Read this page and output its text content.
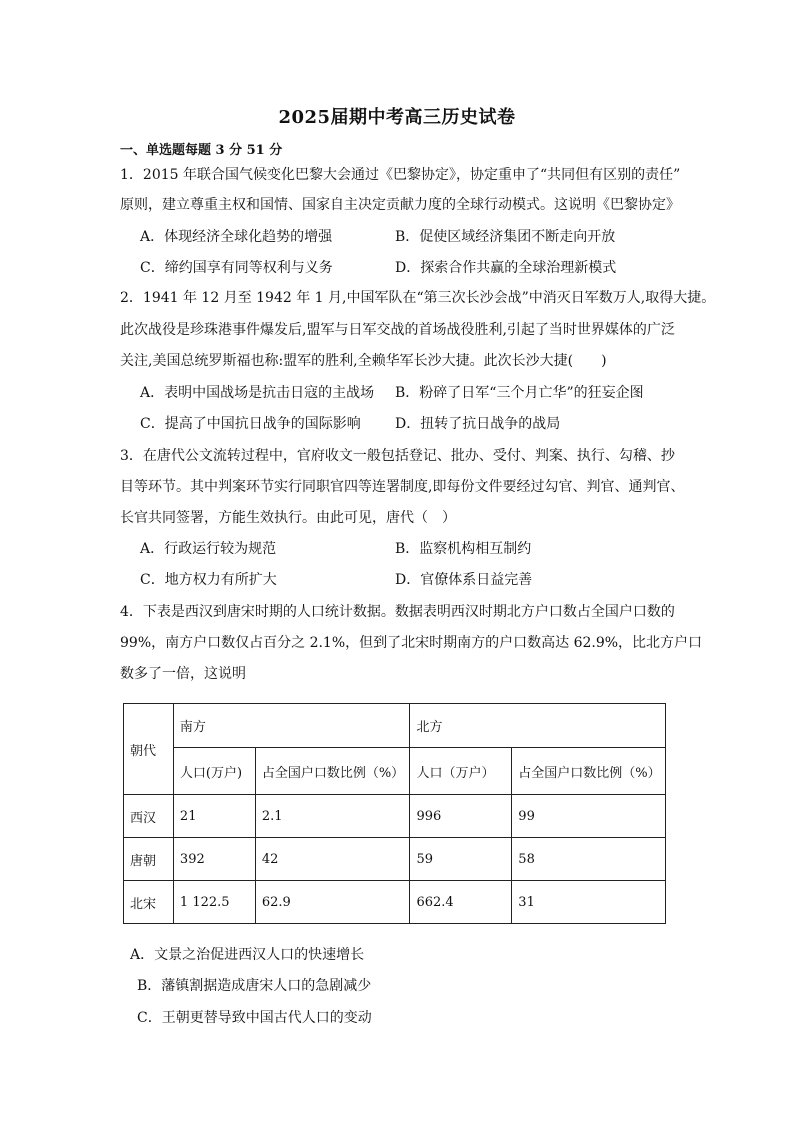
2025届期中考高三历史试卷
一、单选题每题 3 分 51 分
1．2015 年联合国气候变化巴黎大会通过《巴黎协定》，协定重申了“共同但有区别的责任”
原则，建立尊重主权和国情、国家自主决定贡献力度的全球行动模式。这说明《巴黎协定》
A．体现经济全球化趋势的增强	B．促使区域经济集团不断走向开放
C．缔约国享有同等权利与义务	D．探索合作共赢的全球治理新模式
2．1941 年 12 月至 1942 年 1 月,中国军队在“第三次长沙会战”中消灭日军数万人,取得大捷。
此次战役是珍珠港事件爆发后,盟军与日军交战的首场战役胜利,引起了当时世界媒体的广泛
关注,美国总统罗斯福也称:盟军的胜利,全赖华军长沙大捷。此次长沙大捷(　　)
A．表明中国战场是抗击日寇的主战场 B．粉碎了日军“三个月亡华”的狂妄企图
C．提高了中国抗日战争的国际影响 D．扭转了抗日战争的战局
3．在唐代公文流转过程中，官府收文一般包括登记、批办、受付、判案、执行、勾稽、抄
目等环节。其中判案环节实行同职官四等连署制度,即每份文件要经过勾官、判官、通判官、
长官共同签署，方能生效执行。由此可见，唐代（　）
A．行政运行较为规范	B．监察机构相互制约
C．地方权力有所扩大	D．官僚体系日益完善
4．下表是西汉到唐宋时期的人口统计数据。数据表明西汉时期北方户口数占全国户口数的
99%，南方户口数仅占百分之 2.1%，但到了北宋时期南方的户口数高达 62.9%，比北方户口
数多了一倍，这说明
朝代	南方		北方	
	人口(万户)	占全国户口数比例（%）	人口（万户）	占全国户口数比例（%）
西汉	21	2.1	996	99
唐朝	392	42	59	58
北宋	1 122.5	62.9	662.4	31
A．文景之治促进西汉人口的快速增长
B．藩镇割据造成唐宋人口的急剧减少
C．王朝更替导致中国古代人口的变动
